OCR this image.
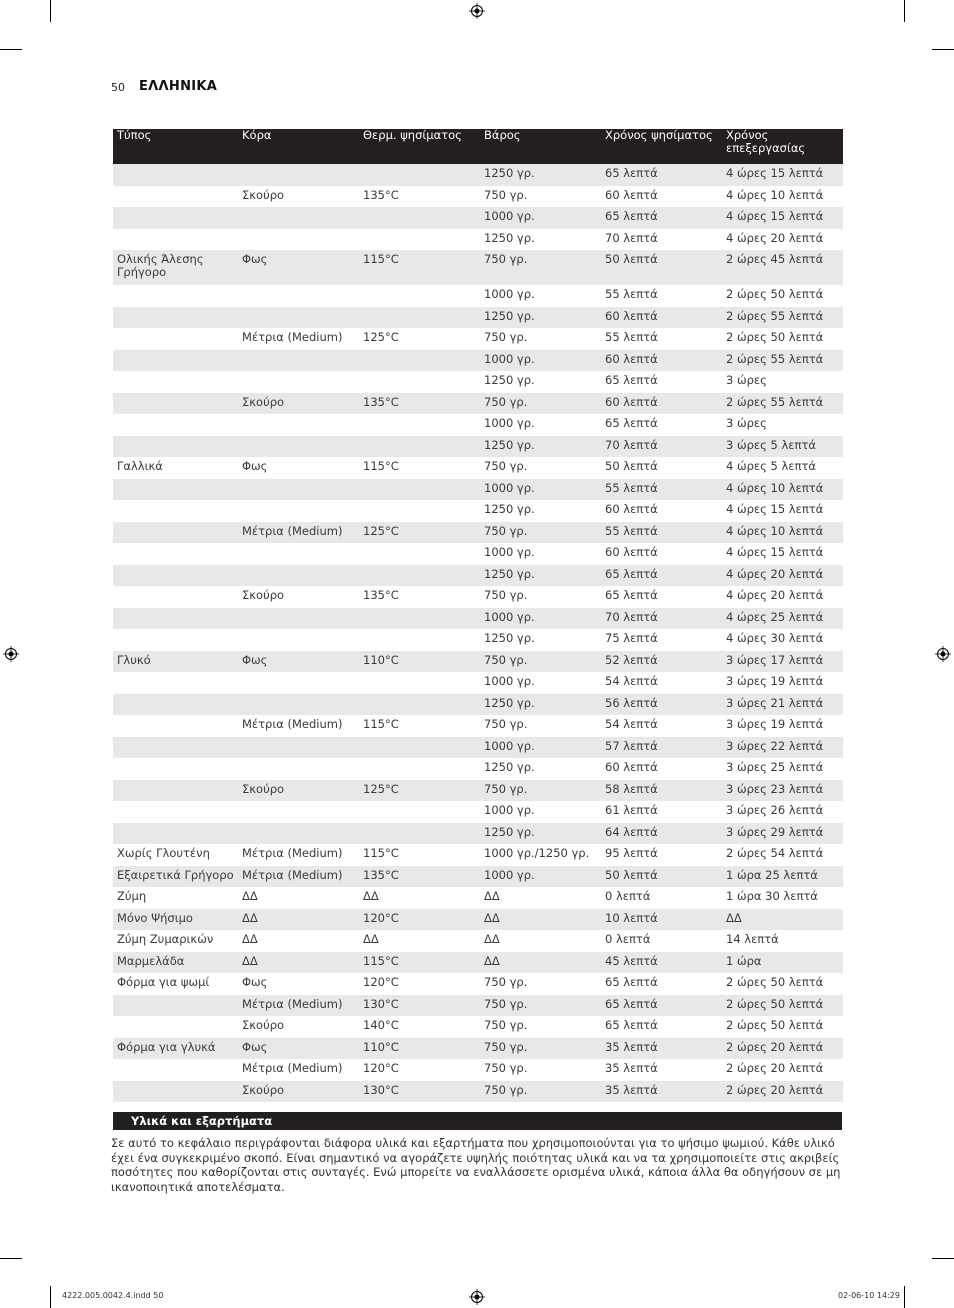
50 ΕΛΛΗΝΙΚΑ
Τύπος	Κόρα	Θερμ. ψησίματος	Βάρος	Χρόνος ψησίματος	Χρόνος επεξεργασίας
			1250 γρ.	65 λεπτά	4 ώρες 15 λεπτά
	Σκούρο	135°C	750 γρ.	60 λεπτά	4 ώρες 10 λεπτά
			1000 γρ.	65 λεπτά	4 ώρες 15 λεπτά
			1250 γρ.	70 λεπτά	4 ώρες 20 λεπτά
Ολικής Άλεσης Γρήγορο	Φως	115°C	750 γρ.	50 λεπτά	2 ώρες 45 λεπτά
			1000 γρ.	55 λεπτά	2 ώρες 50 λεπτά
			1250 γρ.	60 λεπτά	2 ώρες 55 λεπτά
	Μέτρια (Medium)	125°C	750 γρ.	55 λεπτά	2 ώρες 50 λεπτά
			1000 γρ.	60 λεπτά	2 ώρες 55 λεπτά
			1250 γρ.	65 λεπτά	3 ώρες
	Σκούρο	135°C	750 γρ.	60 λεπτά	2 ώρες 55 λεπτά
			1000 γρ.	65 λεπτά	3 ώρες
			1250 γρ.	70 λεπτά	3 ώρες 5 λεπτά
Γαλλικά	Φως	115°C	750 γρ.	50 λεπτά	4 ώρες 5 λεπτά
			1000 γρ.	55 λεπτά	4 ώρες 10 λεπτά
			1250 γρ.	60 λεπτά	4 ώρες 15 λεπτά
	Μέτρια (Medium)	125°C	750 γρ.	55 λεπτά	4 ώρες 10 λεπτά
			1000 γρ.	60 λεπτά	4 ώρες 15 λεπτά
			1250 γρ.	65 λεπτά	4 ώρες 20 λεπτά
	Σκούρο	135°C	750 γρ.	65 λεπτά	4 ώρες 20 λεπτά
			1000 γρ.	70 λεπτά	4 ώρες 25 λεπτά
			1250 γρ.	75 λεπτά	4 ώρες 30 λεπτά
Γλυκό	Φως	110°C	750 γρ.	52 λεπτά	3 ώρες 17 λεπτά
			1000 γρ.	54 λεπτά	3 ώρες 19 λεπτά
			1250 γρ.	56 λεπτά	3 ώρες 21 λεπτά
	Μέτρια (Medium)	115°C	750 γρ.	54 λεπτά	3 ώρες 19 λεπτά
			1000 γρ.	57 λεπτά	3 ώρες 22 λεπτά
			1250 γρ.	60 λεπτά	3 ώρες 25 λεπτά
	Σκούρο	125°C	750 γρ.	58 λεπτά	3 ώρες 23 λεπτά
			1000 γρ.	61 λεπτά	3 ώρες 26 λεπτά
			1250 γρ.	64 λεπτά	3 ώρες 29 λεπτά
Χωρίς Γλουτένη	Μέτρια (Medium)	115°C	1000 γρ./1250 γρ.	95 λεπτά	2 ώρες 54 λεπτά
Εξαιρετικά Γρήγορο	Μέτρια (Medium)	135°C	1000 γρ.	50 λεπτά	1 ώρα 25 λεπτά
Ζύμη	ΔΔ	ΔΔ	ΔΔ	0 λεπτά	1 ώρα 30 λεπτά
Μόνο Ψήσιμο	ΔΔ	120°C	ΔΔ	10 λεπτά	ΔΔ
Ζύμη Ζυμαρικών	ΔΔ	ΔΔ	ΔΔ	0 λεπτά	14 λεπτά
Μαρμελάδα	ΔΔ	115°C	ΔΔ	45 λεπτά	1 ώρα
Φόρμα για ψωμί	Φως	120°C	750 γρ.	65 λεπτά	2 ώρες 50 λεπτά
	Μέτρια (Medium)	130°C	750 γρ.	65 λεπτά	2 ώρες 50 λεπτά
	Σκούρο	140°C	750 γρ.	65 λεπτά	2 ώρες 50 λεπτά
Φόρμα για γλυκά	Φως	110°C	750 γρ.	35 λεπτά	2 ώρες 20 λεπτά
	Μέτρια (Medium)	120°C	750 γρ.	35 λεπτά	2 ώρες 20 λεπτά
	Σκούρο	130°C	750 γρ.	35 λεπτά	2 ώρες 20 λεπτά
Υλικά και εξαρτήματα
Σε αυτό το κεφάλαιο περιγράφονται διάφορα υλικά και εξαρτήματα που χρησιμοποιούνται για το ψήσιμο ψωμιού. Κάθε υλικό έχει ένα συγκεκριμένο σκοπό. Είναι σημαντικό να αγοράζετε υψηλής ποιότητας υλικά και να τα χρησιμοποιείτε στις ακριβείς ποσότητες που καθορίζονται στις συνταγές. Ενώ μπορείτε να εναλλάσσετε ορισμένα υλικά, κάποια άλλα θα οδηγήσουν σε μη ικανοποιητικά αποτελέσματα.
4222.005.0042.4.indd 50	02-06-10 14:29
